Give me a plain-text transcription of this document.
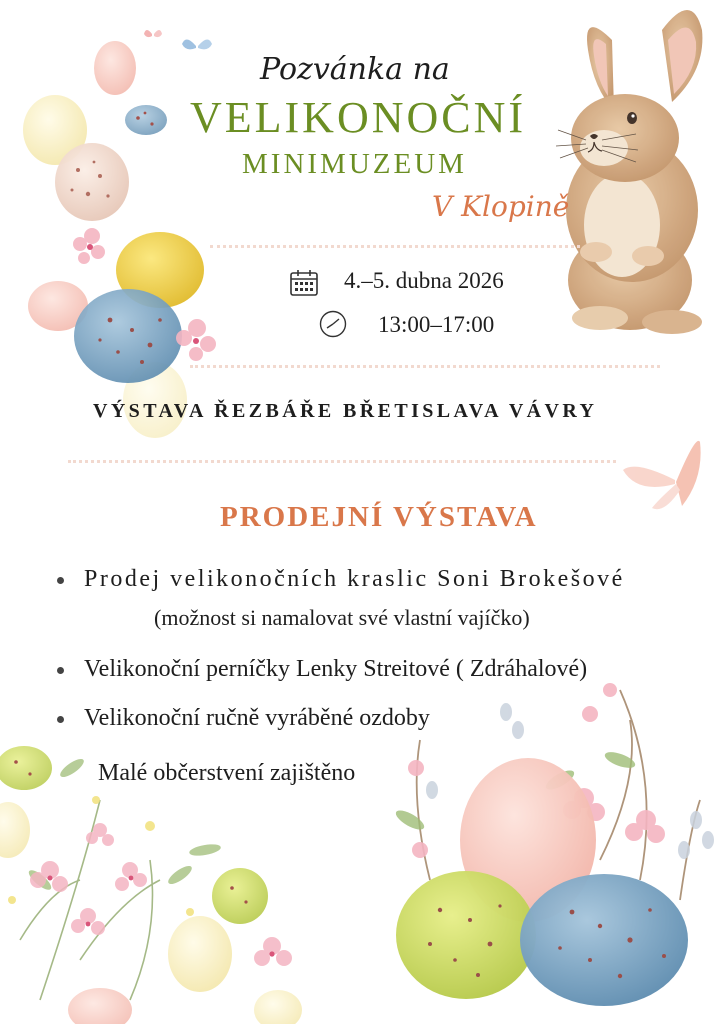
Pozvánka na

VELIKONOČNÍ

MINIMUZEUM

V Klopině

4.–5. dubna 2026

13:00–17:00

VÝSTAVA ŘEZBÁŘE BŘETISLAVA VÁVRY

PRODEJNÍ VÝSTAVA

Prodej velikonočních kraslic Soni Brokešové

(možnost si namalovat své vlastní vajíčko)

Velikonoční perníčky Lenky Streitové ( Zdráhalové)

Velikonoční ručně vyráběné ozdoby

Malé občerstvení zajištěno
